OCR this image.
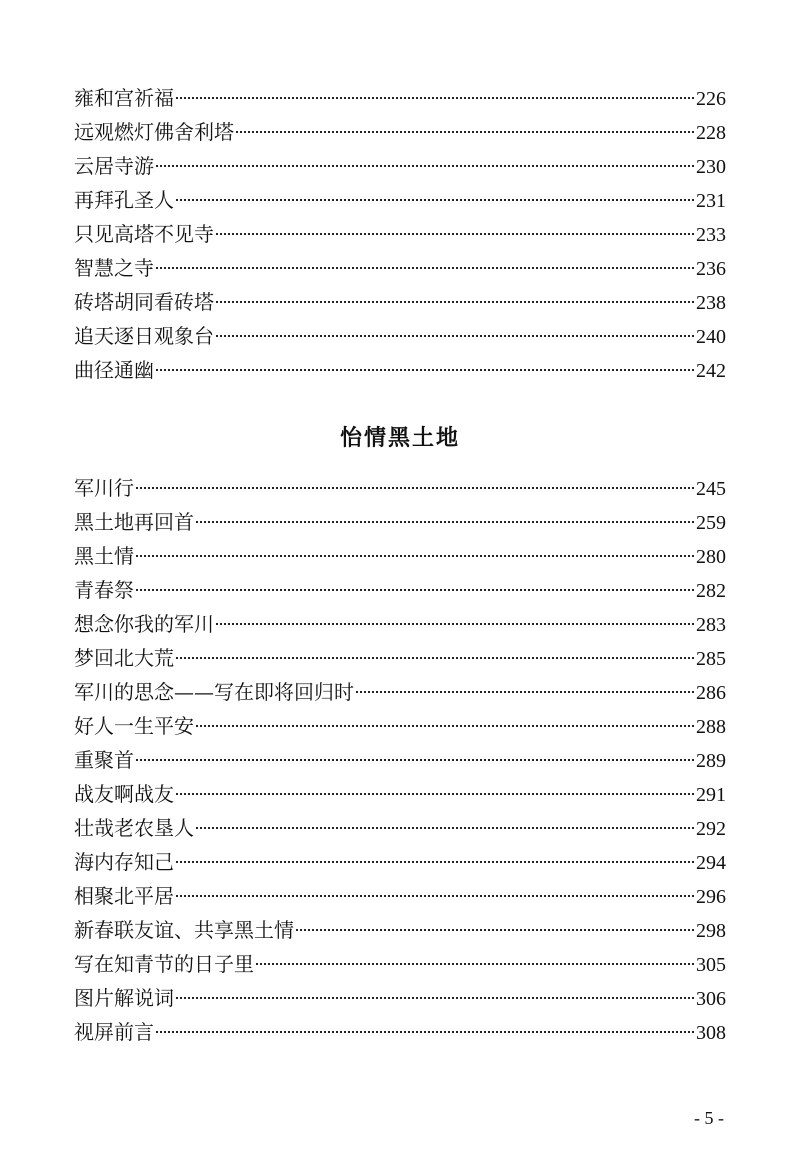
雍和宫祈福	226
远观燃灯佛舍利塔	228
云居寺游	230
再拜孔圣人	231
只见高塔不见寺	233
智慧之寺	236
砖塔胡同看砖塔	238
追天逐日观象台	240
曲径通幽	242
怡情黑土地
军川行	245
黑土地再回首	259
黑土情	280
青春祭	282
想念你我的军川	283
梦回北大荒	285
军川的思念——写在即将回归时	286
好人一生平安	288
重聚首	289
战友啊战友	291
壮哉老农垦人	292
海内存知己	294
相聚北平居	296
新春联友谊、共享黑土情	298
写在知青节的日子里	305
图片解说词	306
视屏前言	308
- 5 -
